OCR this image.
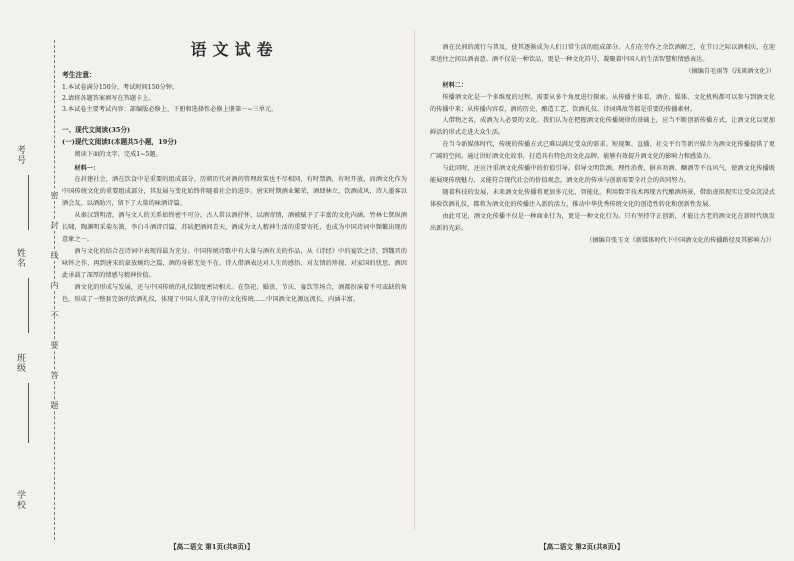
考号
姓名
班级
学校
密
封
线
内
不
要
答
题
语文试卷
考生注意：
1.本试卷满分150分，考试时间150分钟。
2.请将各题答案填写在答题卡上。
3.本试卷主要考试内容：部编版必修上、下册和选择性必修上册第一~三单元。
一、现代文阅读(35分)
(一)现代文阅读Ⅰ(本题共5小题，19分)
阅读下面的文字，完成1~5题。
材料一：
在封建社会，酒在饮食中是重要的组成部分。历朝历代对酒的管理政策也不尽相同，有时禁酒，有时开放，而酒文化作为中国传统文化的重要组成部分，其发展与变化始终伴随着社会的进步。唐宋时期酒业繁荣，酒肆林立，饮酒成风，诗人墨客以酒会友、以酒助兴，留下了大量的咏酒诗篇。
从秦汉到明清，酒与文人的关系始终密不可分。古人常以酒抒怀，以酒寄情，酒被赋予了丰富的文化内涵。竹林七贤纵酒长啸，陶渊明采菊东篱，李白斗酒诗百篇，苏轼把酒问青天，酒成为文人精神生活的重要寄托，也成为中国诗词中频繁出现的意象之一。
酒与文化的结合在诗词中表现得最为充分。中国传统诗歌中有大量与酒有关的作品，从《诗经》中的宴饮之诗，到魏晋的咏怀之作，再到唐宋的豪放婉约之篇，酒的身影无处不在。诗人借酒表达对人生的感悟、对友情的珍视、对家国的忧思，酒因此承载了深厚的情感与精神价值。
酒文化的形成与发展，还与中国传统的礼仪制度密切相关。在祭祀、婚丧、节庆、宴饮等场合，酒都扮演着不可或缺的角色，形成了一整套完备的饮酒礼仪，体现了中国人重礼守序的文化传统……中国酒文化源远流长，内涵丰富。
酒在民间的流行与普及，使其逐渐成为人们日常生活的组成部分。人们在劳作之余饮酒解乏，在节日之际以酒相庆，在迎来送往之间以酒表意。酒不仅是一种饮品，更是一种文化符号，凝聚着中国人的生活智慧和情感表达。
（摘编自毛雨等《浅谈酒文化》）
材料二：
传播酒文化是一个多维度的过程，需要从多个角度进行探索。从传播主体看，酒企、媒体、文化机构都可以参与到酒文化的传播中来；从传播内容看，酒的历史、酿造工艺、饮酒礼仪、诗词典故等都是重要的传播素材。
人借物之名，成酒为人必要的文化。我们认为在把握酒文化传播规律的基础上，应当不断创新传播方式，让酒文化以更加鲜活的形式走进大众生活。
在当今新媒体时代，传统的传播方式已难以满足受众的需求。短视频、直播、社交平台等新兴媒介为酒文化传播提供了更广阔的空间。通过讲好酒文化故事，打造具有特色的文化品牌，能够有效提升酒文化的影响力和感染力。
与此同时，还应注重酒文化传播中的价值引导。倡导文明饮酒、理性消费，摒弃劝酒、酗酒等不良风气，使酒文化传播既能展现传统魅力，又能符合现代社会的价值观念。酒文化的传承与创新需要全社会的共同努力。
随着科技的发展，未来酒文化传播将更加多元化、智能化。利用数字技术再现古代酿酒场景，借助虚拟现实让受众沉浸式体验饮酒礼仪，都将为酒文化的传播注入新的活力，推动中华优秀传统文化的创造性转化和创新性发展。
由此可见，酒文化传播不仅是一种商业行为，更是一种文化行为。只有坚持守正创新，才能让古老的酒文化在新时代焕发出新的光彩。
（摘编自张玉文《新媒体时代下中国酒文化的传播路径及其影响力》）
【高二语文 第1页(共8页)】	【高二语文 第2页(共8页)】
